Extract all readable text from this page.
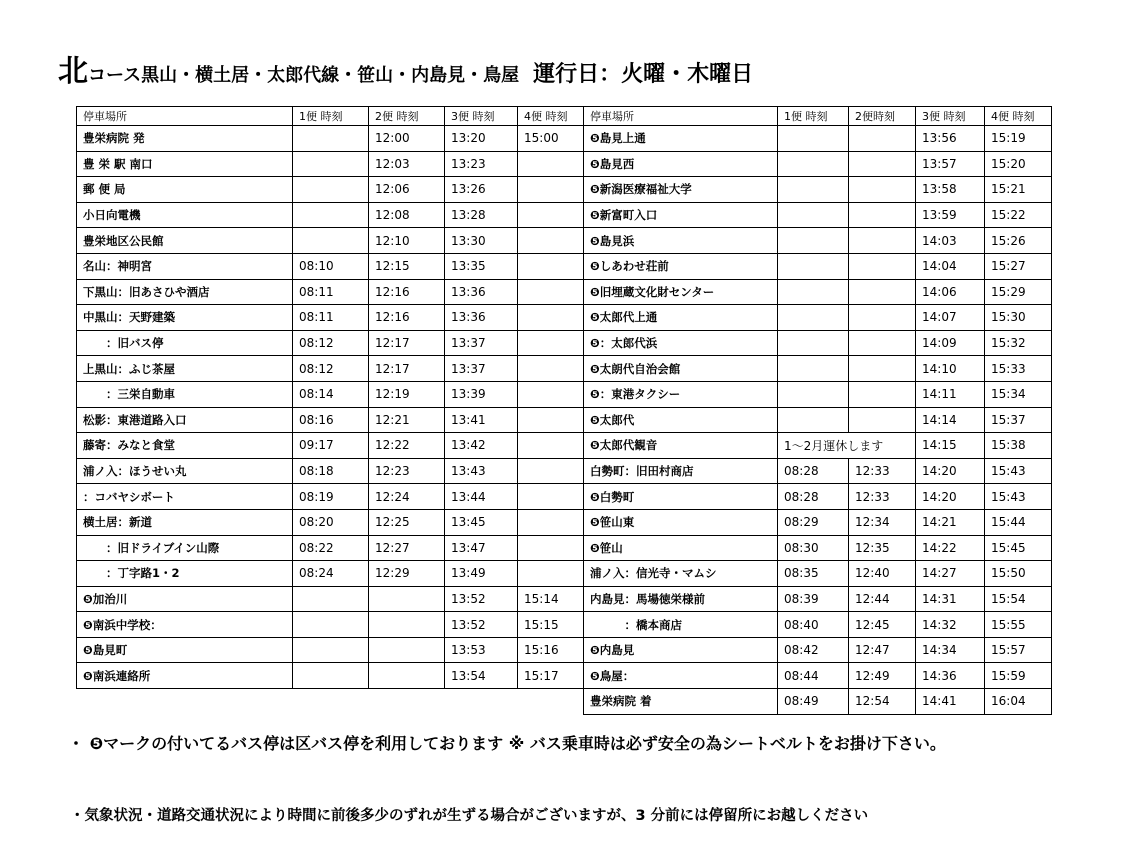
北コース黒山・横土居・太郎代線・笹山・内島見・鳥屋 運行日：火曜・木曜日
停車場所	1便 時刻	2便 時刻	3便 時刻	4便 時刻
豊栄病院 発		12:00	13:20	15:00
豊 栄 駅 南口		12:03	13:23	
郵 便 局		12:06	13:26	
小日向電機		12:08	13:28	
豊栄地区公民館		12:10	13:30	
名山：神明宮	08:10	12:15	13:35	
下黒山：旧あさひや酒店	08:11	12:16	13:36	
中黒山：天野建築	08:11	12:16	13:36	
　　：旧バス停	08:12	12:17	13:37	
上黒山：ふじ茶屋	08:12	12:17	13:37	
　　：三栄自動車	08:14	12:19	13:39	
松影：東港道路入口	08:16	12:21	13:41	
藤寄：みなと食堂	09:17	12:22	13:42	
浦ノ入：ほうせい丸	08:18	12:23	13:43	
：コバヤシボート	08:19	12:24	13:44	
横土居：新道	08:20	12:25	13:45	
　　：旧ドライブイン山際	08:22	12:27	13:47	
　　：丁字路1・2	08:24	12:29	13:49	
❺加治川			13:52	15:14
❺南浜中学校：			13:52	15:15
❺島見町			13:53	15:16
❺南浜連絡所			13:54	15:17
停車場所	1便 時刻	2便時刻	3便 時刻	4便 時刻
❺島見上通			13:56	15:19
❺島見西			13:57	15:20
❺新潟医療福祉大学			13:58	15:21
❺新富町入口			13:59	15:22
❺島見浜			14:03	15:26
❺しあわせ荘前			14:04	15:27
❺旧埋蔵文化財センター			14:06	15:29
❺太郎代上通			14:07	15:30
❺：太郎代浜			14:09	15:32
❺太朗代自治会館			14:10	15:33
❺：東港タクシー			14:11	15:34
❺太郎代			14:14	15:37
❺太郎代観音	1～2月運休します		14:15	15:38
白勢町：旧田村商店	08:28	12:33	14:20	15:43
❺白勢町	08:28	12:33	14:20	15:43
❺笹山東	08:29	12:34	14:21	15:44
❺笹山	08:30	12:35	14:22	15:45
浦ノ入：信光寺・マムシ	08:35	12:40	14:27	15:50
内島見：馬場徳栄様前	08:39	12:44	14:31	15:54
　　　：橋本商店	08:40	12:45	14:32	15:55
❺内島見	08:42	12:47	14:34	15:57
❺鳥屋：	08:44	12:49	14:36	15:59
豊栄病院 着	08:49	12:54	14:41	16:04
・ ❺マークの付いてるバス停は区バス停を利用しております ※ バス乗車時は必ず安全の為シートベルトをお掛け下さい。
・気象状況・道路交通状況により時間に前後多少のずれが生ずる場合がございますが、3 分前には停留所にお越しください
